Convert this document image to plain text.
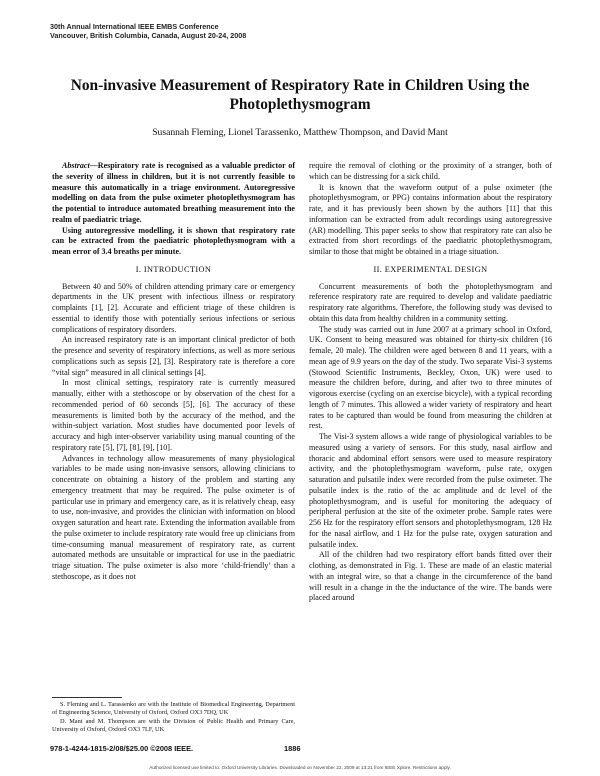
30th Annual International IEEE EMBS Conference
Vancouver, British Columbia, Canada, August 20-24, 2008
Non-invasive Measurement of Respiratory Rate in Children Using the
Photoplethysmogram
Susannah Fleming, Lionel Tarassenko, Matthew Thompson, and David Mant

Abstract—Respiratory rate is recognised as a valuable predictor of the severity of illness in children, but it is not currently feasible to measure this automatically in a triage environment. Autoregressive modelling on data from the pulse oximeter photoplethysmogram has the potential to introduce automated breathing measurement into the realm of paediatric triage.

Using autoregressive modelling, it is shown that respiratory rate can be extracted from the paediatric photoplethysmogram with a mean error of 3.4 breaths per minute.

I. INTRODUCTION

Between 40 and 50% of children attending primary care or emergency departments in the UK present with infectious illness or respiratory complaints [1], [2]. Accurate and efficient triage of these children is essential to identify those with potentially serious infections or serious complications of respiratory disorders.

An increased respiratory rate is an important clinical predictor of both the presence and severity of respiratory infections, as well as more serious complications such as sepsis [2], [3]. Respiratory rate is therefore a core “vital sign” measured in all clinical settings [4].

In most clinical settings, respiratory rate is currently measured manually, either with a stethoscope or by observation of the chest for a recommended period of 60 seconds [5], [6]. The accuracy of these measurements is limited both by the accuracy of the method, and the within-subject variation. Most studies have documented poor levels of accuracy and high inter-observer variability using manual counting of the respiratory rate [5], [7], [8], [9], [10].

Advances in technology allow measurements of many physiological variables to be made using non-invasive sensors, allowing clinicians to concentrate on obtaining a history of the problem and starting any emergency treatment that may be required. The pulse oximeter is of particular use in primary and emergency care, as it is relatively cheap, easy to use, non-invasive, and provides the clinician with information on blood oxygen saturation and heart rate. Extending the information available from the pulse oximeter to include respiratory rate would free up clinicians from time-consuming manual measurement of respiratory rate, as current automated methods are unsuitable or impractical for use in the paediatric triage situation. The pulse oximeter is also more ‘child-friendly’ than a stethoscope, as it does not

require the removal of clothing or the proximity of a stranger, both of which can be distressing for a sick child.

It is known that the waveform output of a pulse oximeter (the photoplethysmogram, or PPG) contains information about the respiratory rate, and it has previously been shown by the authors [11] that this information can be extracted from adult recordings using autoregressive (AR) modelling. This paper seeks to show that respiratory rate can also be extracted from short recordings of the paediatric photoplethysmogram, similar to those that might be obtained in a triage situation.

II. EXPERIMENTAL DESIGN

Concurrent measurements of both the photoplethysmogram and reference respiratory rate are required to develop and validate paediatric respiratory rate algorithms. Therefore, the following study was devised to obtain this data from healthy children in a community setting.

The study was carried out in June 2007 at a primary school in Oxford, UK. Consent to being measured was obtained for thirty-six children (16 female, 20 male). The children were aged between 8 and 11 years, with a mean age of 9.9 years on the day of the study. Two separate Visi-3 systems (Stowood Scientific Instruments, Beckley, Oxon, UK) were used to measure the children before, during, and after two to three minutes of vigorous exercise (cycling on an exercise bicycle), with a typical recording length of 7 minutes. This allowed a wider variety of respiratory and heart rates to be captured than would be found from measuring the children at rest.

The Visi-3 system allows a wide range of physiological variables to be measured using a variety of sensors. For this study, nasal airflow and thoracic and abdominal effort sensors were used to measure respiratory activity, and the photoplethysmogram waveform, pulse rate, oxygen saturation and pulsatile index were recorded from the pulse oximeter. The pulsatile index is the ratio of the ac amplitude and dc level of the photoplethysmogram, and is useful for monitoring the adequacy of peripheral perfusion at the site of the oximeter probe. Sample rates were 256 Hz for the respiratory effort sensors and photoplethysmogram, 128 Hz for the nasal airflow, and 1 Hz for the pulse rate, oxygen saturation and pulsatile index.

All of the children had two respiratory effort bands fitted over their clothing, as demonstrated in Fig. 1. These are made of an elastic material with an integral wire, so that a change in the circumference of the band will result in a change in the the inductance of the wire. The bands were placed around

S. Fleming and L. Tarassenko are with the Institute of Biomedical Engineering, Department of Engineering Science, University of Oxford, Oxford OX3 7DQ, UK

D. Mant and M. Thompson are with the Division of Public Health and Primary Care, University of Oxford, Oxford OX3 7LF, UK

978-1-4244-1815-2/08/$25.00 ©2008 IEEE.	1886
Authorized licensed use limited to: Oxford University Libraries. Downloaded on November 22, 2009 at 13:21 from IEEE Xplore. Restrictions apply.
